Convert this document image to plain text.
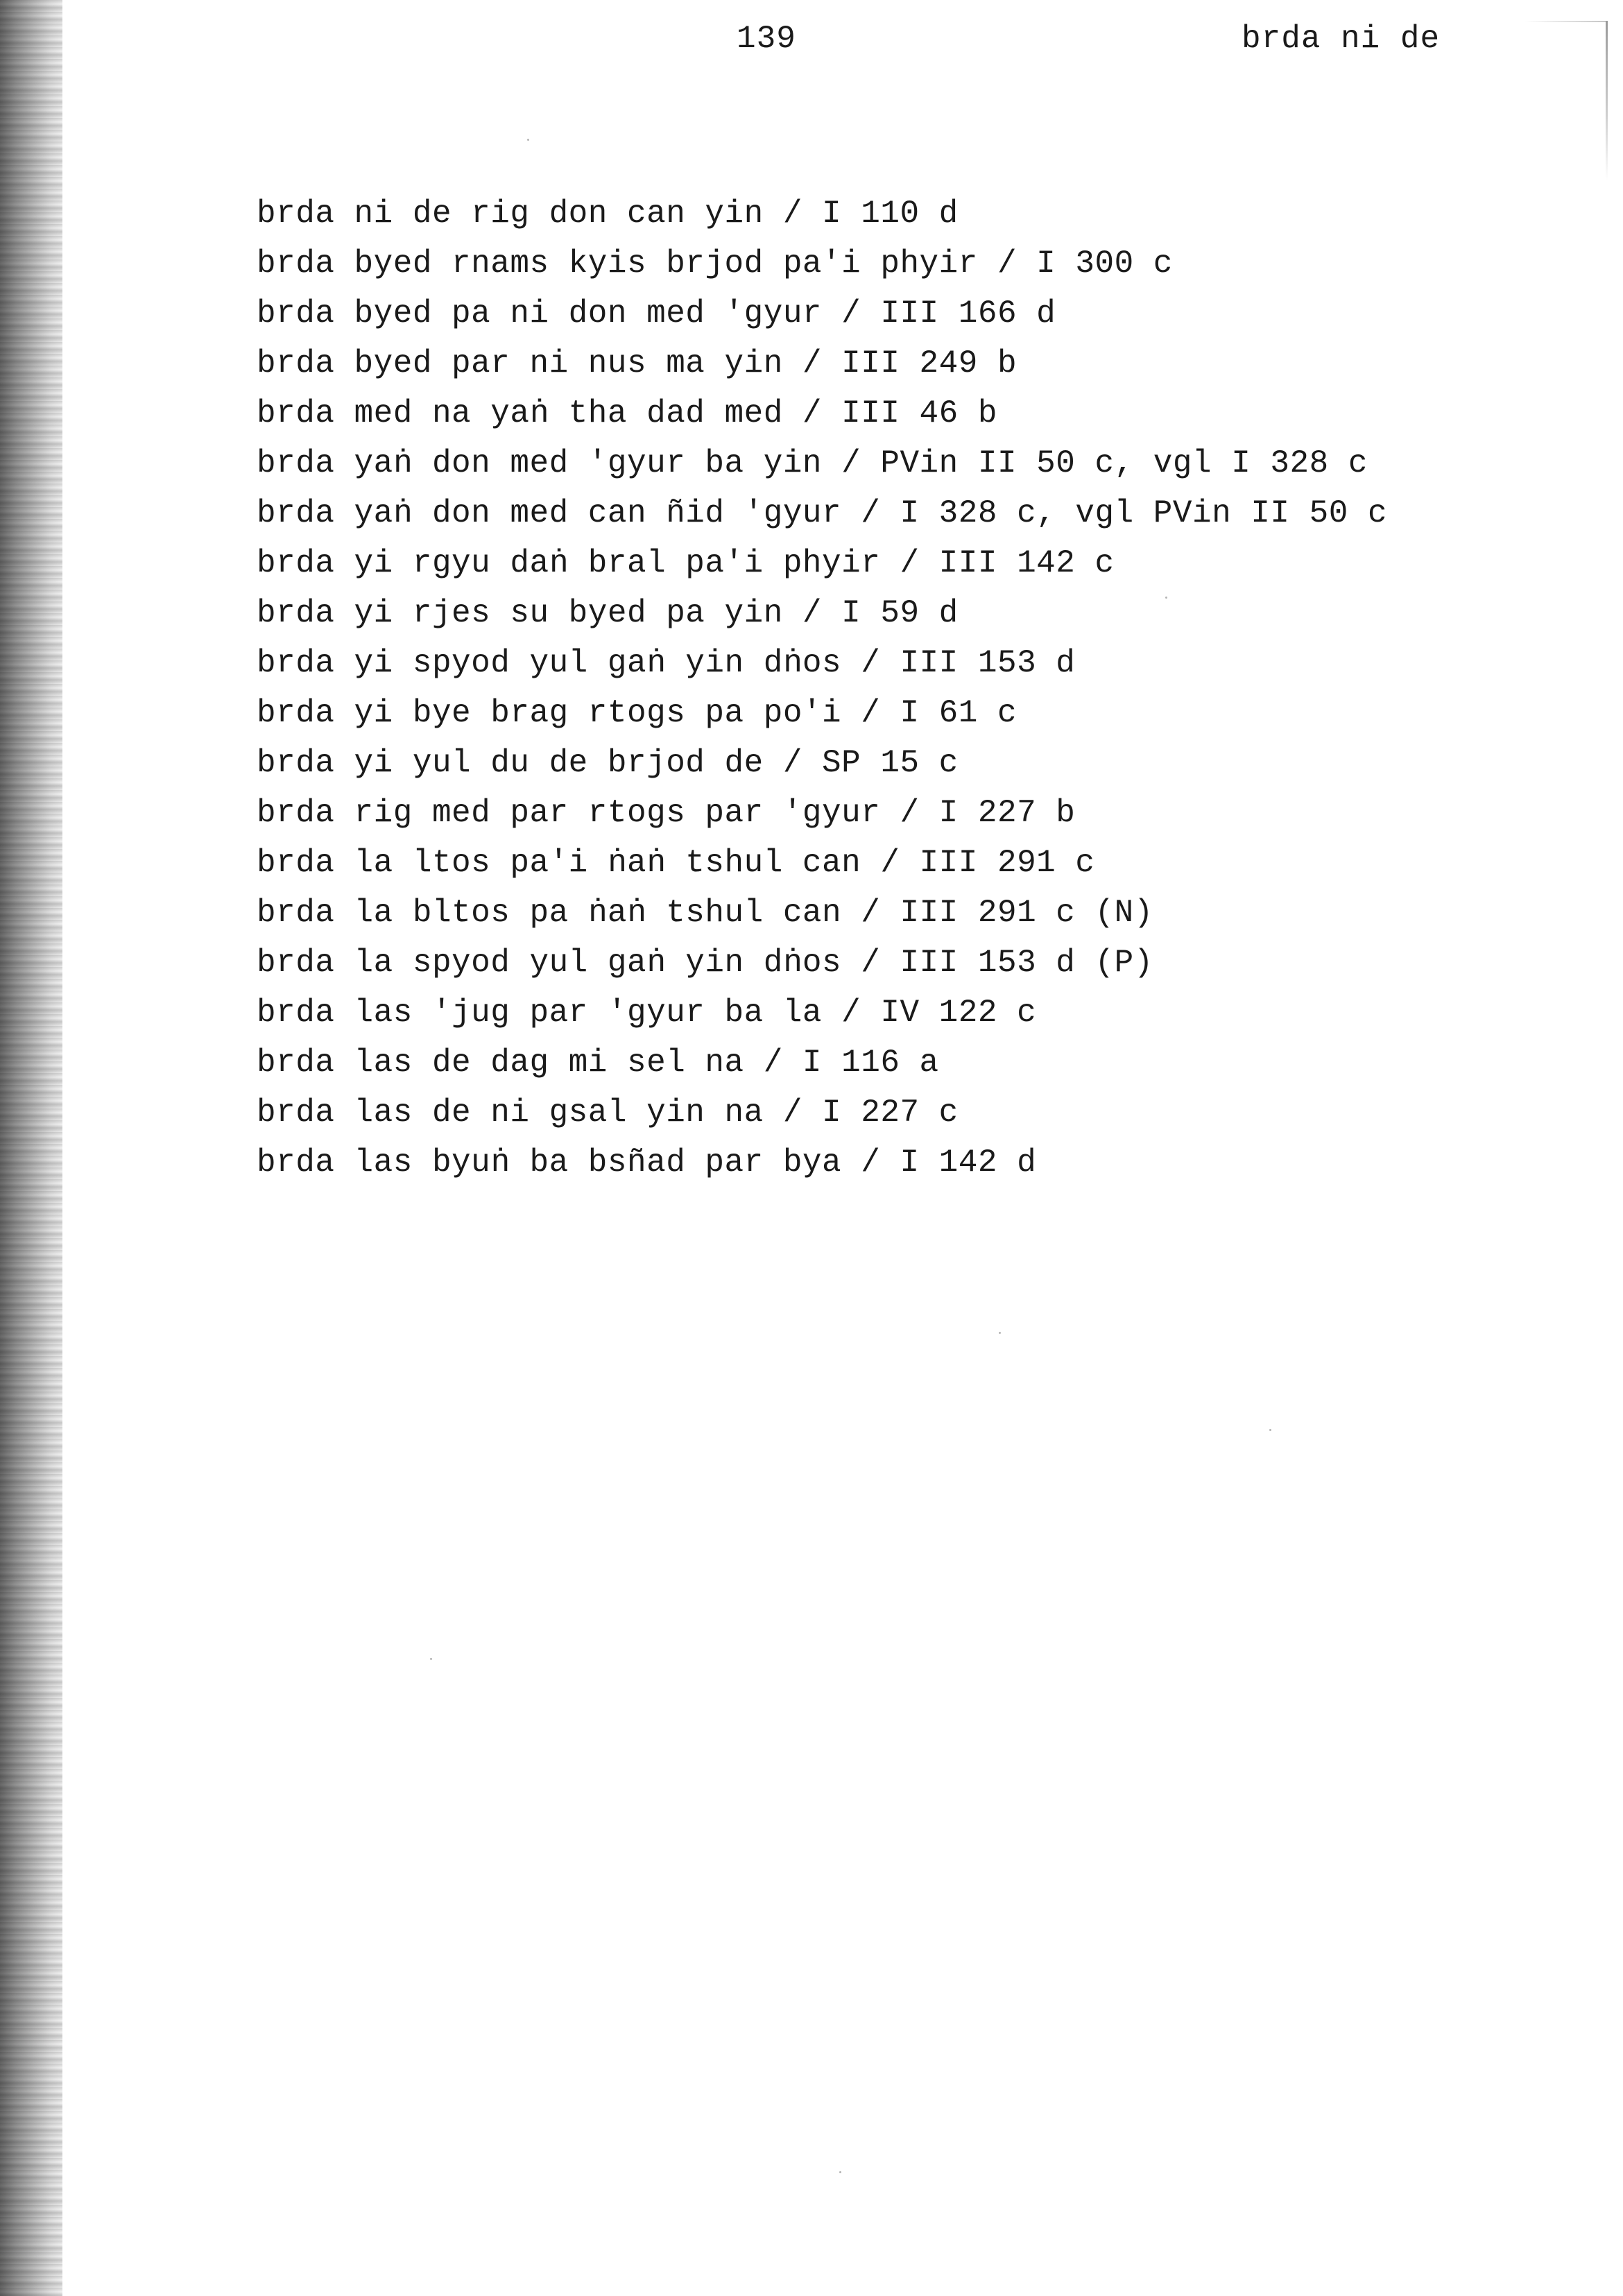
139	brda ni de
brda ni de rig don can yin / I 110 d
brda byed rnams kyis brjod pa'i phyir / I 300 c
brda byed pa ni don med 'gyur / III 166 d
brda byed par ni nus ma yin / III 249 b
brda med na yaṅ tha dad med / III 46 b
brda yaṅ don med 'gyur ba yin / PVin II 50 c, vgl I 328 c
brda yaṅ don med can ñid 'gyur / I 328 c, vgl PVin II 50 c
brda yi rgyu daṅ bral pa'i phyir / III 142 c
brda yi rjes su byed pa yin / I 59 d
brda yi spyod yul gaṅ yin dṅos / III 153 d
brda yi bye brag rtogs pa po'i / I 61 c
brda yi yul du de brjod de / SP 15 c
brda rig med par rtogs par 'gyur / I 227 b
brda la ltos pa'i ṅaṅ tshul can / III 291 c
brda la bltos pa ṅaṅ tshul can / III 291 c (N)
brda la spyod yul gaṅ yin dṅos / III 153 d (P)
brda las 'jug par 'gyur ba la / IV 122 c
brda las de dag mi sel na / I 116 a
brda las de ni gsal yin na / I 227 c
brda las byuṅ ba bsñad par bya / I 142 d
